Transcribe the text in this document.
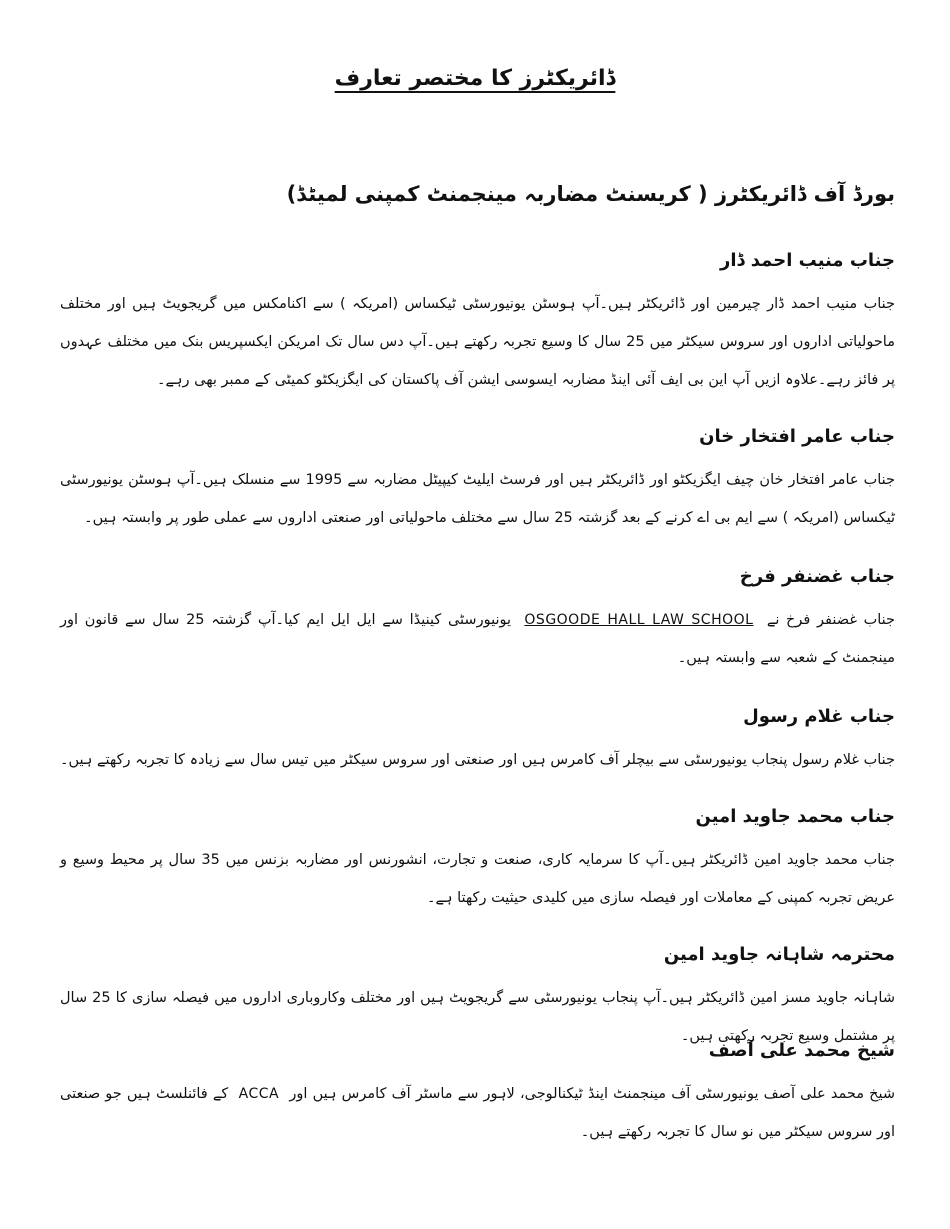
ڈائریکٹرز کا مختصر تعارف
بورڈ آف ڈائریکٹرز ( کریسنٹ مضاربہ مینجمنٹ کمپنی لمیٹڈ)
جناب منیب احمد ڈار

جناب منیب احمد ڈار چیرمین اور ڈائریکٹر ہیں۔آپ ہوسٹن یونیورسٹی ٹیکساس (امریکہ ) سے اکنامکس میں گریجویٹ ہیں اور مختلف ماحولیاتی اداروں اور سروس سیکٹر میں 25 سال کا وسیع تجربہ رکھتے ہیں۔آپ دس سال تک امریکن ایکسپریس بنک میں مختلف عہدوں پر فائز رہے۔علاوہ ازیں آپ این بی ایف آئی اینڈ مضاربہ ایسوسی ایشن آف پاکستان کی ایگزیکٹو کمیٹی کے ممبر بھی رہے۔

جناب عامر افتخار خان

جناب عامر افتخار خان چیف ایگزیکٹو اور ڈائریکٹر ہیں اور فرسٹ ایلیٹ کیپیٹل مضاربہ سے 1995 سے منسلک ہیں۔آپ ہوسٹن یونیورسٹی ٹیکساس (امریکہ ) سے ایم بی اے کرنے کے بعد گزشتہ 25 سال سے مختلف ماحولیاتی اور صنعتی اداروں سے عملی طور پر وابستہ ہیں۔

جناب غضنفر فرخ

جناب غضنفر فرخ نے  OSGOODE HALL LAW SCHOOL  یونیورسٹی کینیڈا سے ایل ایل ایم کیا۔آپ گزشتہ 25 سال سے قانون اور مینجمنٹ کے شعبہ سے وابستہ ہیں۔

جناب غلام رسول

جناب غلام رسول پنجاب یونیورسٹی سے بیچلر آف کامرس ہیں اور صنعتی اور سروس سیکٹر میں تیس سال سے زیادہ کا تجربہ رکھتے ہیں۔

جناب محمد جاوید امین

جناب محمد جاوید امین ڈائریکٹر ہیں۔آپ کا سرمایہ کاری، صنعت و تجارت، انشورنس اور مضاربہ بزنس میں 35 سال پر محیط وسیع و عریض تجربہ کمپنی کے معاملات اور فیصلہ سازی میں کلیدی حیثیت رکھتا ہے۔

محترمہ شاہانہ جاوید امین

شاہانہ جاوید مسز امین ڈائریکٹر ہیں۔آپ پنجاب یونیورسٹی سے گریجویٹ ہیں اور مختلف وکاروباری اداروں میں فیصلہ سازی کا 25 سال پر مشتمل وسیع تجربہ رکھتی ہیں۔

شیخ محمد علی آصف

شیخ محمد علی آصف یونیورسٹی آف مینجمنٹ اینڈ ٹیکنالوجی، لاہور سے ماسٹر آف کامرس ہیں اور  ACCA  کے فائنلسٹ ہیں جو صنعتی اور سروس سیکٹر میں نو سال کا تجربہ رکھتے ہیں۔
